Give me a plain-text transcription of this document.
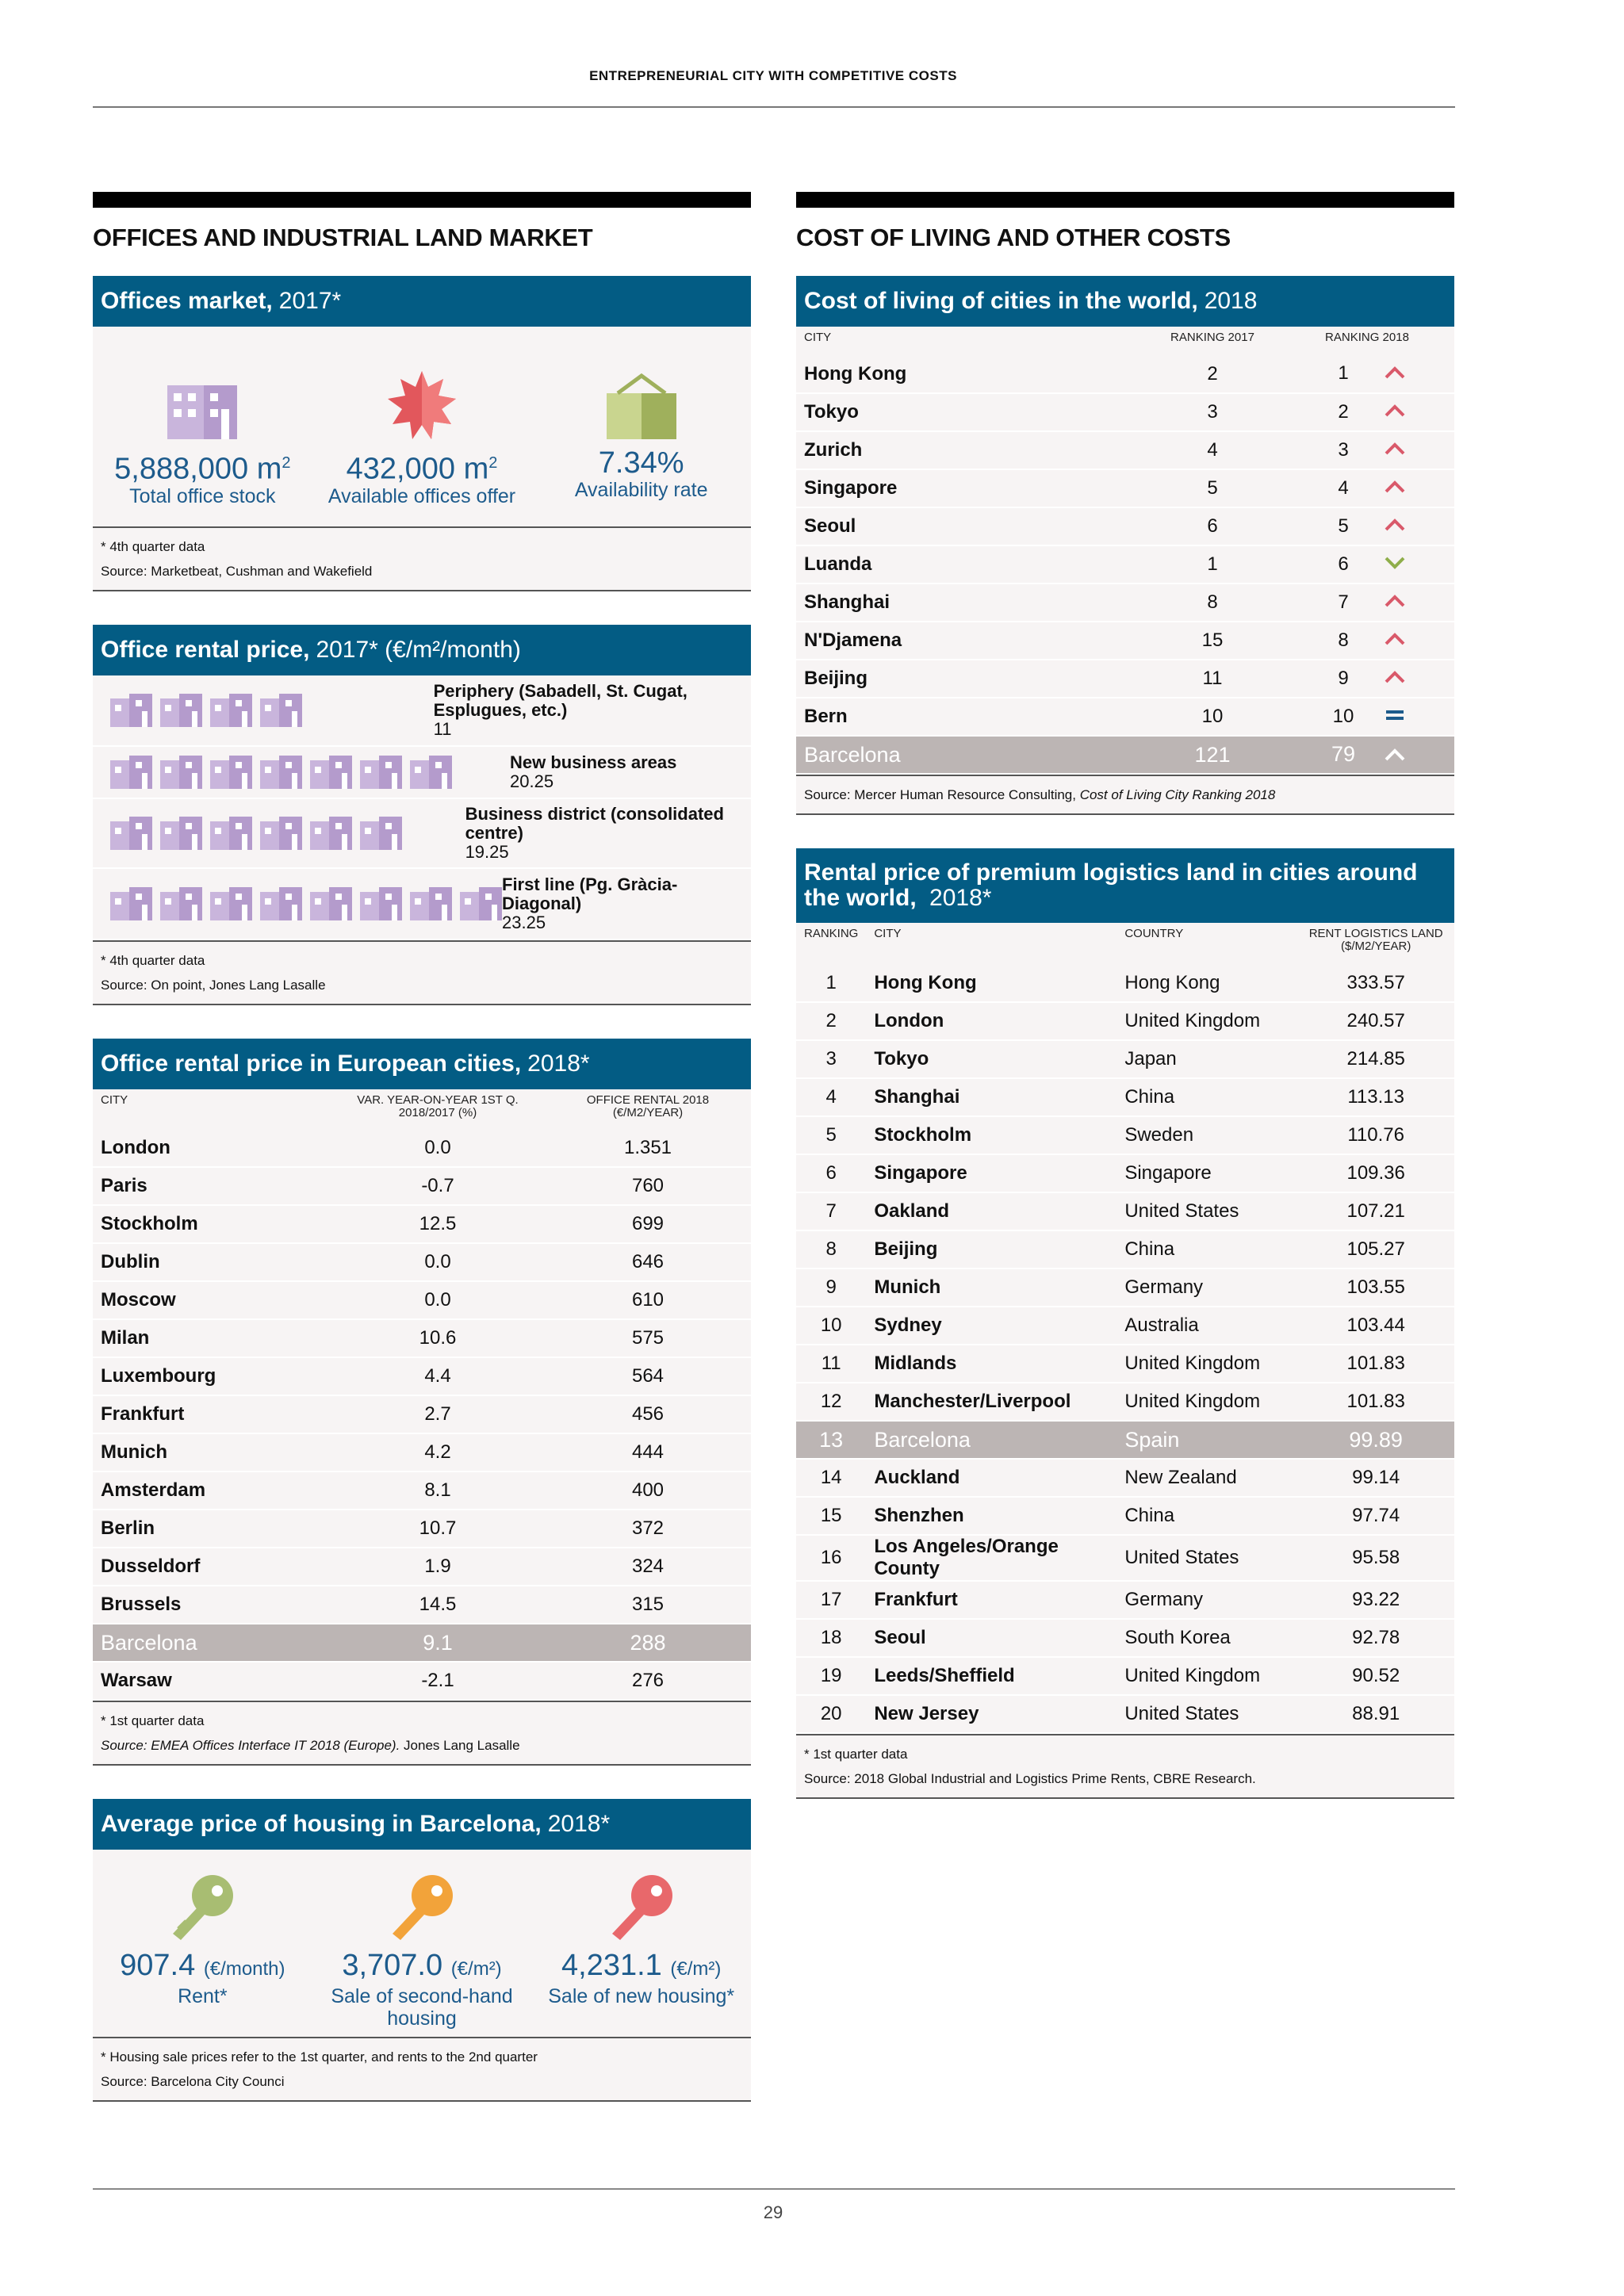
ENTREPRENEURIAL CITY WITH COMPETITIVE COSTS
OFFICES AND INDUSTRIAL LAND MARKET
Offices market, 2017*
5,888,000 $m^2$
Total office stock
432,000 $m^2$
Available offices offer
7.34%
Availability rate
* 4th quarter data
Source: Marketbeat, Cushman and Wakefield
Office rental price, 2017* (€/m²/month)
Periphery (Sabadell, St. Cugat, Esplugues, etc.)
11
New business areas
20.25
Business district (consolidated centre)
19.25
First line (Pg. Gràcia-Diagonal)
23.25
* 4th quarter data
Source: On point, Jones Lang Lasalle
Office rental price in European cities, 2018*
CITY	VAR. YEAR-ON-YEAR 1ST Q. 2018/2017 (%)	OFFICE RENTAL 2018 (€/M2/YEAR)
London	0.0	1.351
Paris	-0.7	760
Stockholm	12.5	699
Dublin	0.0	646
Moscow	0.0	610
Milan	10.6	575
Luxembourg	4.4	564
Frankfurt	2.7	456
Munich	4.2	444
Amsterdam	8.1	400
Berlin	10.7	372
Dusseldorf	1.9	324
Brussels	14.5	315
Barcelona	9.1	288
Warsaw	-2.1	276
* 1st quarter data
Source: EMEA Offices Interface IT 2018 (Europe). Jones Lang Lasalle
Average price of housing in Barcelona, 2018*
907.4 (€/month)
Rent*
3,707.0 (€/m²)
Sale of second-hand housing
4,231.1 (€/m²)
Sale of new housing*
* Housing sale prices refer to the 1st quarter, and rents to the 2nd quarter
Source: Barcelona City Counci
COST OF LIVING AND OTHER COSTS
Cost of living of cities in the world, 2018
CITY	RANKING 2017	RANKING 2018
Hong Kong	2	1
Tokyo	3	2
Zurich	4	3
Singapore	5	4
Seoul	6	5
Luanda	1	6
Shanghai	8	7
N'Djamena	15	8
Beijing	11	9
Bern	10	10
Barcelona	121	79
Source: Mercer Human Resource Consulting, Cost of Living City Ranking 2018
Rental price of premium logistics land in cities around the world, 2018*
RANKING	CITY	COUNTRY	RENT LOGISTICS LAND ($/M2/YEAR)
1	Hong Kong	Hong Kong	333.57
2	London	United Kingdom	240.57
3	Tokyo	Japan	214.85
4	Shanghai	China	113.13
5	Stockholm	Sweden	110.76
6	Singapore	Singapore	109.36
7	Oakland	United States	107.21
8	Beijing	China	105.27
9	Munich	Germany	103.55
10	Sydney	Australia	103.44
11	Midlands	United Kingdom	101.83
12	Manchester/Liverpool	United Kingdom	101.83
13	Barcelona	Spain	99.89
14	Auckland	New Zealand	99.14
15	Shenzhen	China	97.74
16	Los Angeles/Orange County	United States	95.58
17	Frankfurt	Germany	93.22
18	Seoul	South Korea	92.78
19	Leeds/Sheffield	United Kingdom	90.52
20	New Jersey	United States	88.91
* 1st quarter data
Source: 2018 Global Industrial and Logistics Prime Rents, CBRE Research.
29
